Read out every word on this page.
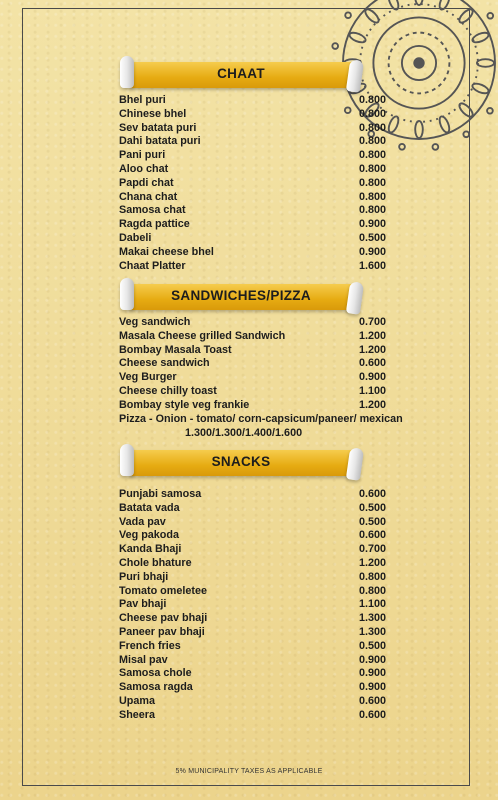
CHAAT
Bhel puri	0.800
Chinese bhel	0.800
Sev batata puri	0.800
Dahi batata puri	0.800
Pani puri	0.800
Aloo chat	0.800
Papdi chat	0.800
Chana chat	0.800
Samosa chat	0.800
Ragda pattice	0.900
Dabeli	0.500
Makai cheese bhel	0.900
Chaat Platter	1.600
SANDWICHES/PIZZA
Veg sandwich	0.700
Masala Cheese grilled Sandwich	1.200
Bombay Masala Toast	1.200
Cheese sandwich	0.600
Veg Burger	0.900
Cheese chilly toast	1.100
Bombay style veg frankie	1.200
Pizza - Onion - tomato/ corn-capsicum/paneer/ mexican
1.300/1.300/1.400/1.600
SNACKS
Punjabi samosa	0.600
Batata vada	0.500
Vada pav	0.500
Veg pakoda	0.600
Kanda Bhaji	0.700
Chole bhature	1.200
Puri bhaji	0.800
Tomato omeletee	0.800
Pav bhaji	1.100
Cheese pav bhaji	1.300
Paneer pav bhaji	1.300
French fries	0.500
Misal pav	0.900
Samosa chole	0.900
Samosa ragda	0.900
Upama	0.600
Sheera	0.600
5% MUNICIPALITY TAXES AS APPLICABLE
